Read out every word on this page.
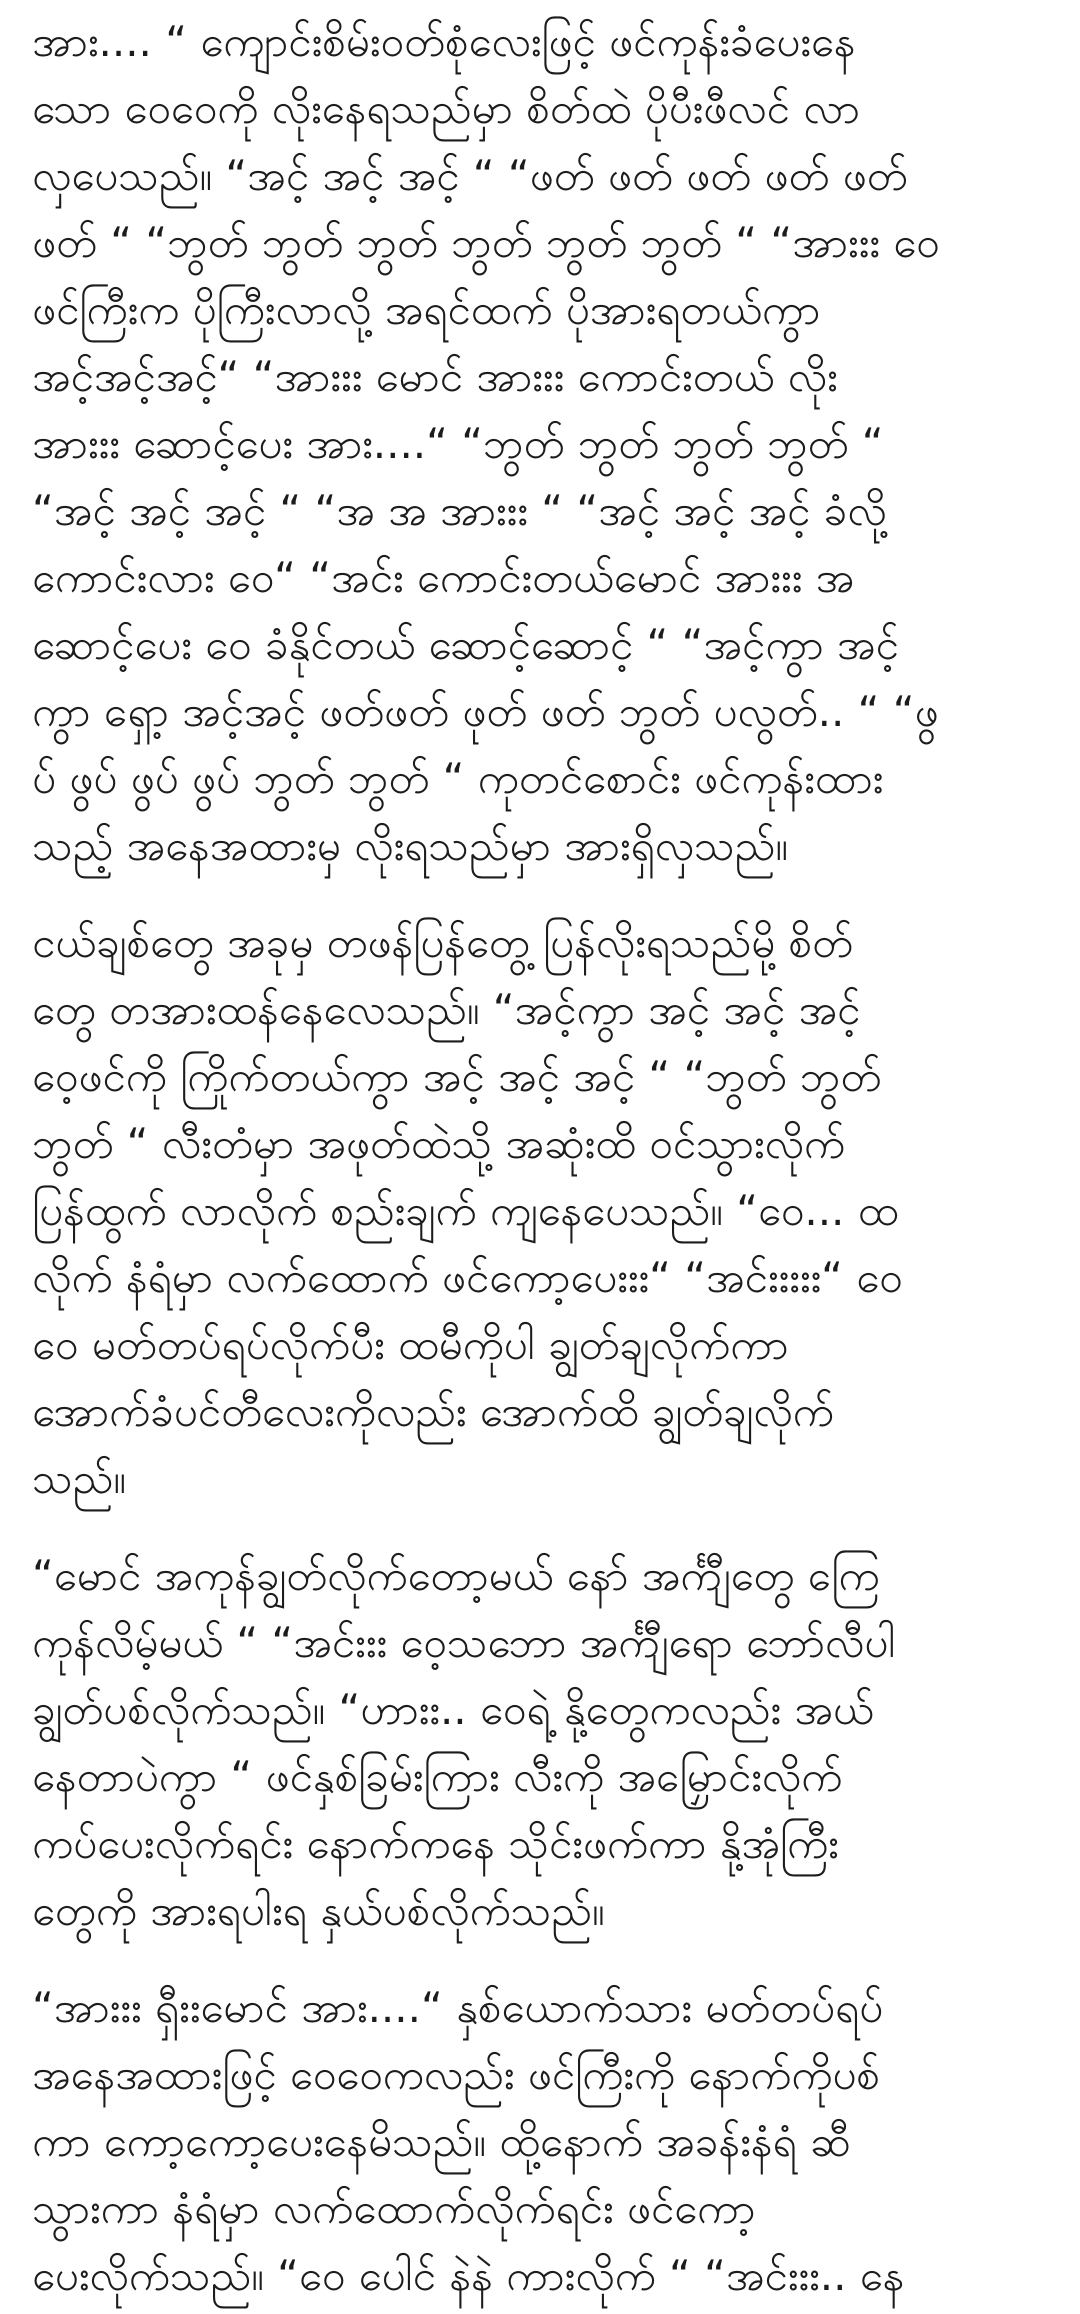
အား.... “ ကျောင်းစိမ်းဝတ်စုံလေးဖြင့် ဖင်ကုန်းခံပေးနေ
သော ဝေဝေကို လိုးနေရသည်မှာ စိတ်ထဲ ပိုပီးဖီလင် လာ
လှပေသည်။ “အင့် အင့် အင့် “ “ဖတ် ဖတ် ဖတ် ဖတ် ဖတ်
ဖတ် “ “ဘွတ် ဘွတ် ဘွတ် ဘွတ် ဘွတ် ဘွတ် “ “အားးး ဝေ
ဖင်ကြီးက ပိုကြီးလာလို့ အရင်ထက် ပိုအားရတယ်ကွာ
အင့်အင့်အင့်“ “အားးး မောင် အားးး ကောင်းတယ် လိုး
အားးး ဆောင့်ပေး အား....“ “ဘွတ် ဘွတ် ဘွတ် ဘွတ် “
“အင့် အင့် အင့် “ “အ အ အားးး “ “အင့် အင့် အင့် ခံလို့
ကောင်းလား ဝေ“ “အင်း ကောင်းတယ်မောင် အားးး အ
ဆောင့်ပေး ဝေ ခံနိုင်တယ် ဆောင့်ဆောင့် “ “အင့်ကွာ အင့်
ကွာ ရှော့ အင့်အင့် ဖတ်ဖတ် ဖုတ် ဖတ် ဘွတ် ပလွတ်.. “ “ဖွ
ပ် ဖွပ် ဖွပ် ဖွပ် ဘွတ် ဘွတ် “ ကုတင်စောင်း ဖင်ကုန်းထား
သည့် အနေအထားမှ လိုးရသည်မှာ အားရှိလှသည်။
ငယ်ချစ်တွေ အခုမှ တဖန်ပြန်တွေ့ ပြန်လိုးရသည်မို့ စိတ်
တွေ တအားထန်နေလေသည်။ “အင့်ကွာ အင့် အင့် အင့်
ဝေ့ဖင်ကို ကြိုက်တယ်ကွာ အင့် အင့် အင့် “ “ဘွတ် ဘွတ်
ဘွတ် “ လီးတံမှာ အဖုတ်ထဲသို့ အဆုံးထိ ဝင်သွားလိုက်
ပြန်ထွက် လာလိုက် စည်းချက် ကျနေပေသည်။ “ဝေ... ထ
လိုက် နံရံမှာ လက်ထောက် ဖင်ကော့ပေးးး“ “အင်းးးးး“ ဝေ
ဝေ မတ်တပ်ရပ်လိုက်ပီး ထမီကိုပါ ချွတ်ချလိုက်ကာ
အောက်ခံပင်တီလေးကိုလည်း အောက်ထိ ချွတ်ချလိုက်
သည်။
“မောင် အကုန်ချွတ်လိုက်တော့မယ် နော် အင်္ကျီတွေ ကြေ
ကုန်လိမ့်မယ် “ “အင်းးး ဝေ့သဘော အင်္ကျီရော ဘော်လီပါ
ချွတ်ပစ်လိုက်သည်။ “ဟားး.. ဝေရဲ့ နို့တွေကလည်း အယ်
နေတာပဲကွာ “ ဖင်နှစ်ခြမ်းကြား လီးကို အမြှောင်းလိုက်
ကပ်ပေးလိုက်ရင်း နောက်ကနေ သိုင်းဖက်ကာ နို့အုံကြီး
တွေကို အားရပါးရ နှယ်ပစ်လိုက်သည်။
“အားးး ရှီးးမောင် အား....“ နှစ်ယောက်သား မတ်တပ်ရပ်
အနေအထားဖြင့် ဝေဝေကလည်း ဖင်ကြီးကို နောက်ကိုပစ်
ကာ ကော့ကော့ပေးနေမိသည်။ ထို့နောက် အခန်းနံရံ ဆီ
သွားကာ နံရံမှာ လက်ထောက်လိုက်ရင်း ဖင်ကော့
ပေးလိုက်သည်။ “ဝေ ပေါင် နဲနဲ ကားလိုက် “ “အင်းးး.. နေ
